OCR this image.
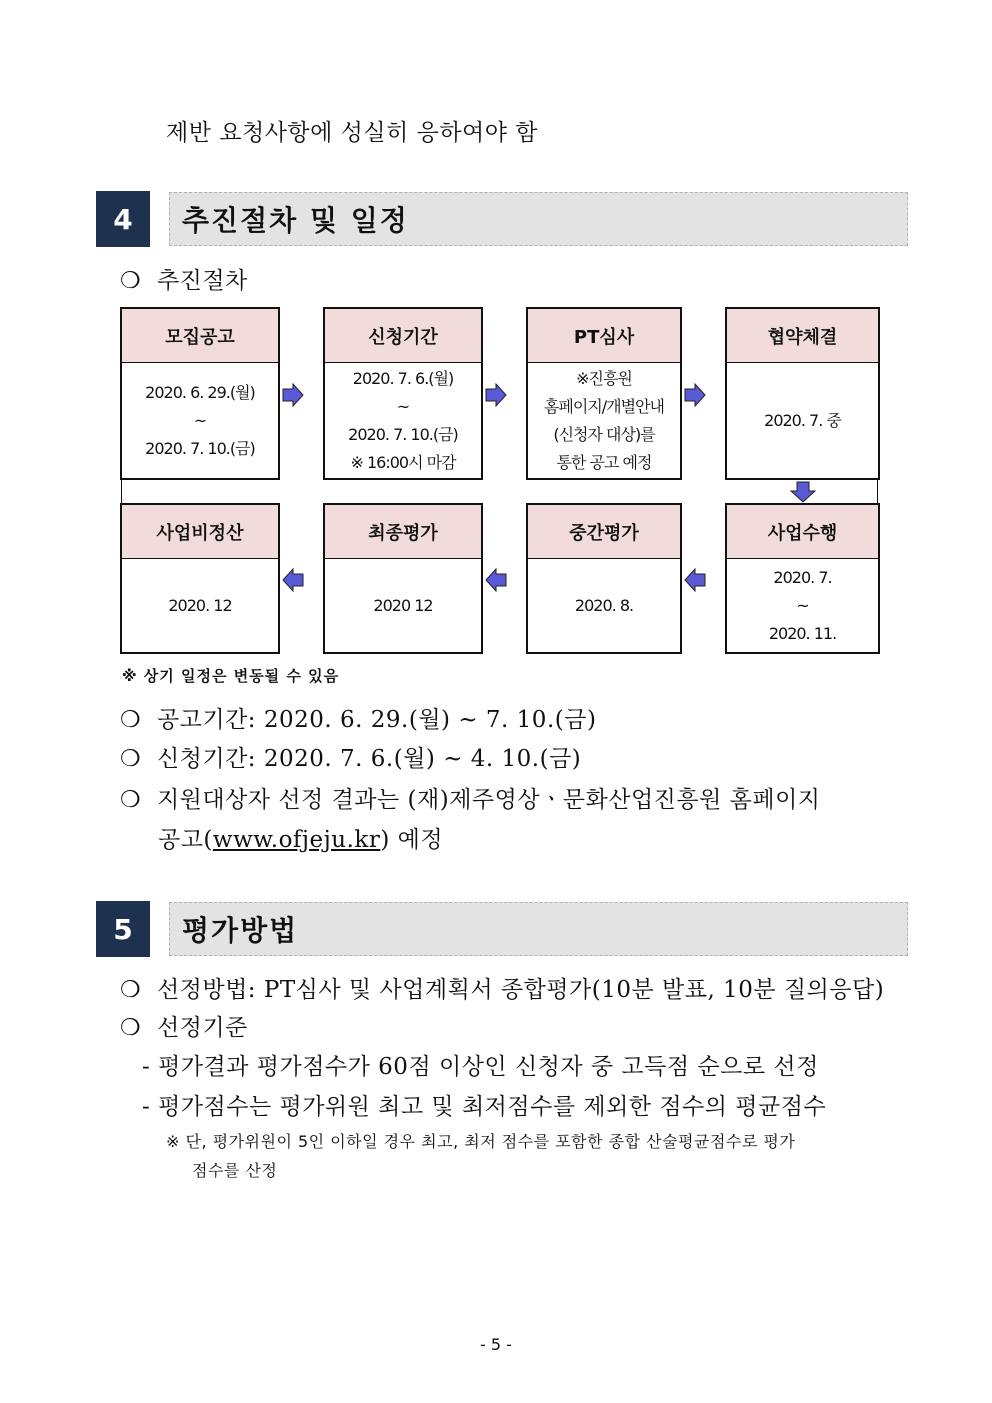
제반 요청사항에 성실히 응하여야 함
4	추진절차 및 일정
❍ 추진절차
모집공고
2020. 6. 29.(월)
~
2020. 7. 10.(금)
신청기간
2020. 7. 6.(월)
~
2020. 7. 10.(금)
※ 16:00시 마감
PT심사
※진흥원
홈페이지/개별안내
(신청자 대상)를
통한 공고 예정
협약체결
2020. 7. 중
사업비정산
2020. 12
최종평가
2020 12
중간평가
2020. 8.
사업수행
2020. 7.
~
2020. 11.
※ 상기 일정은 변동될 수 있음
❍ 공고기간: 2020. 6. 29.(월) ~ 7. 10.(금)
❍ 신청기간: 2020. 7. 6.(월) ~ 4. 10.(금)
❍ 지원대상자 선정 결과는 (재)제주영상ㆍ문화산업진흥원 홈페이지
공고(www.ofjeju.kr) 예정
5	평가방법
❍ 선정방법: PT심사 및 사업계획서 종합평가(10분 발표, 10분 질의응답)
❍ 선정기준
- 평가결과 평가점수가 60점 이상인 신청자 중 고득점 순으로 선정
- 평가점수는 평가위원 최고 및 최저점수를 제외한 점수의 평균점수
※ 단, 평가위원이 5인 이하일 경우 최고, 최저 점수를 포함한 종합 산술평균점수로 평가
점수를 산정
- 5 -
